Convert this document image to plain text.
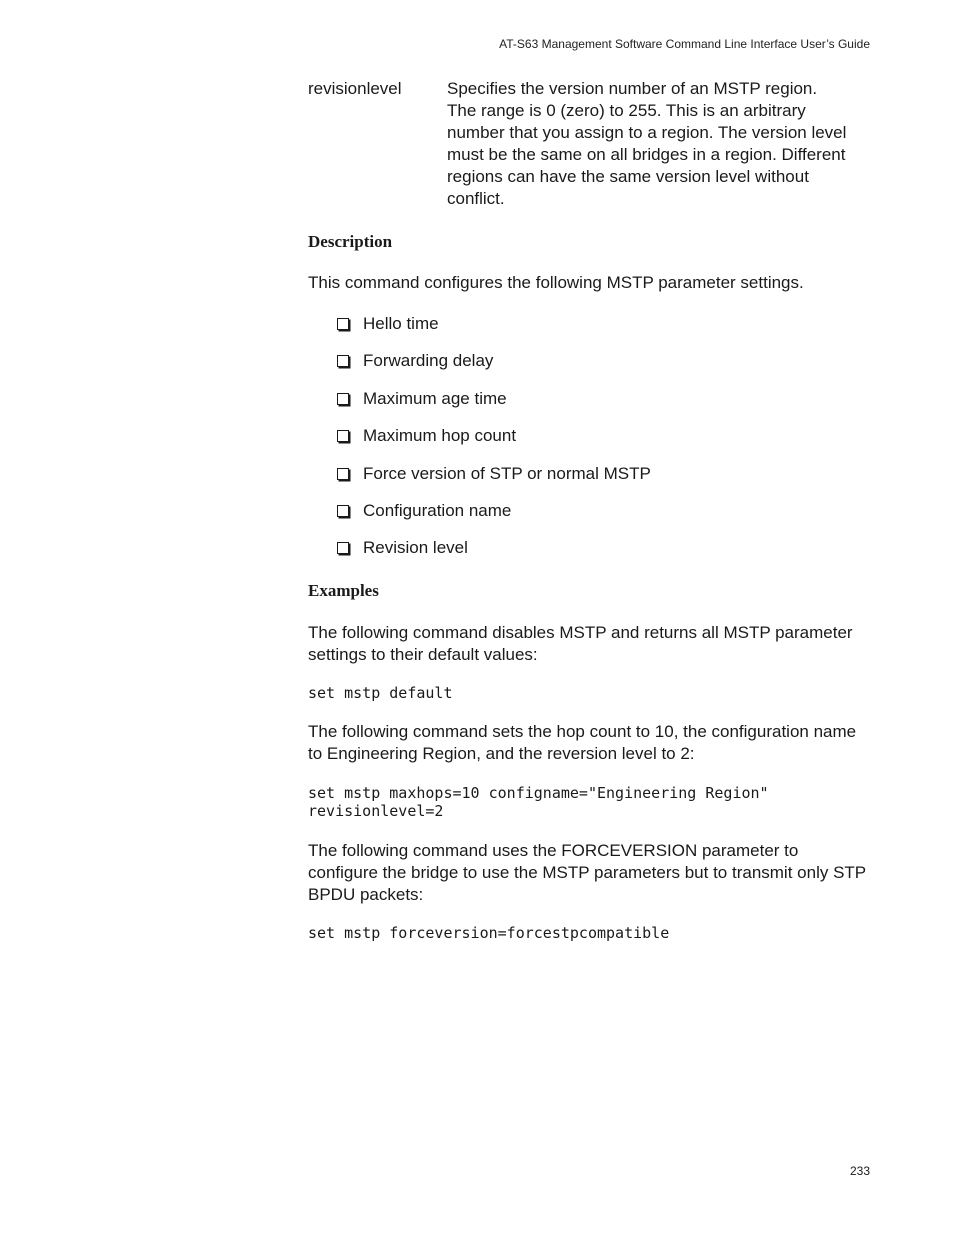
AT-S63 Management Software Command Line Interface User’s Guide
revisionlevel	Specifies the version number of an MSTP region. The range is 0 (zero) to 255. This is an arbitrary number that you assign to a region. The version level must be the same on all bridges in a region. Different regions can have the same version level without conflict.
Description
This command configures the following MSTP parameter settings.
Hello time
Forwarding delay
Maximum age time
Maximum hop count
Force version of STP or normal MSTP
Configuration name
Revision level
Examples
The following command disables MSTP and returns all MSTP parameter settings to their default values:
set mstp default
The following command sets the hop count to 10, the configuration name to Engineering Region, and the reversion level to 2:
set mstp maxhops=10 configname="Engineering Region"
revisionlevel=2
The following command uses the FORCEVERSION parameter to configure the bridge to use the MSTP parameters but to transmit only STP BPDU packets:
set mstp forceversion=forcestpcompatible
233
